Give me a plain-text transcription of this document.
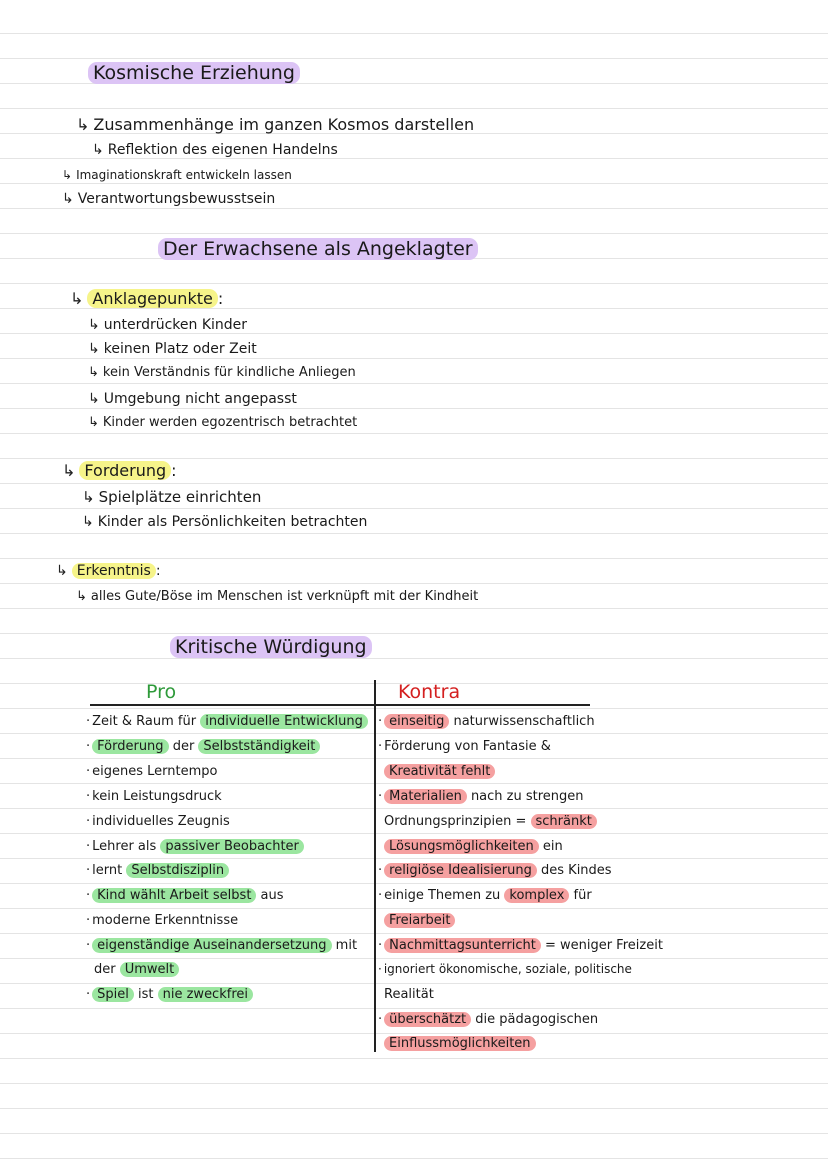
Kosmische Erziehung
↳ Zusammenhänge im ganzen Kosmos darstellen
↳ Reflektion des eigenen Handelns
↳ Imaginationskraft entwickeln lassen
↳ Verantwortungsbewusstsein
Der Erwachsene als Angeklagter
↳ Anklagepunkte :
↳ unterdrücken Kinder
↳ keinen Platz oder Zeit
↳ kein Verständnis für kindliche Anliegen
↳ Umgebung nicht angepasst
↳ Kinder werden egozentrisch betrachtet
↳ Forderung :
↳ Spielplätze einrichten
↳ Kinder als Persönlichkeiten betrachten
↳ Erkenntnis :
↳ alles Gute/Böse im Menschen ist verknüpft mit der Kindheit
Kritische Würdigung
Pro	Kontra
· Zeit & Raum für individuelle Entwicklung
· Förderung der Selbstständigkeit
· eigenes Lerntempo
· kein Leistungsdruck
· individuelles Zeugnis
· Lehrer als passiver Beobachter
· lernt Selbstdisziplin
· Kind wählt Arbeit selbst aus
· moderne Erkenntnisse
· eigenständige Auseinandersetzung mit
der Umwelt
· Spiel ist nie zweckfrei
· einseitig naturwissenschaftlich
· Förderung von Fantasie &
Kreativität fehlt
· Materialien nach zu strengen
Ordnungsprinzipien = schränkt
Lösungsmöglichkeiten ein
· religiöse Idealisierung des Kindes
· einige Themen zu komplex für
Freiarbeit
· Nachmittagsunterricht = weniger Freizeit
· ignoriert ökonomische, soziale, politische
Realität
· überschätzt die pädagogischen
Einflussmöglichkeiten
